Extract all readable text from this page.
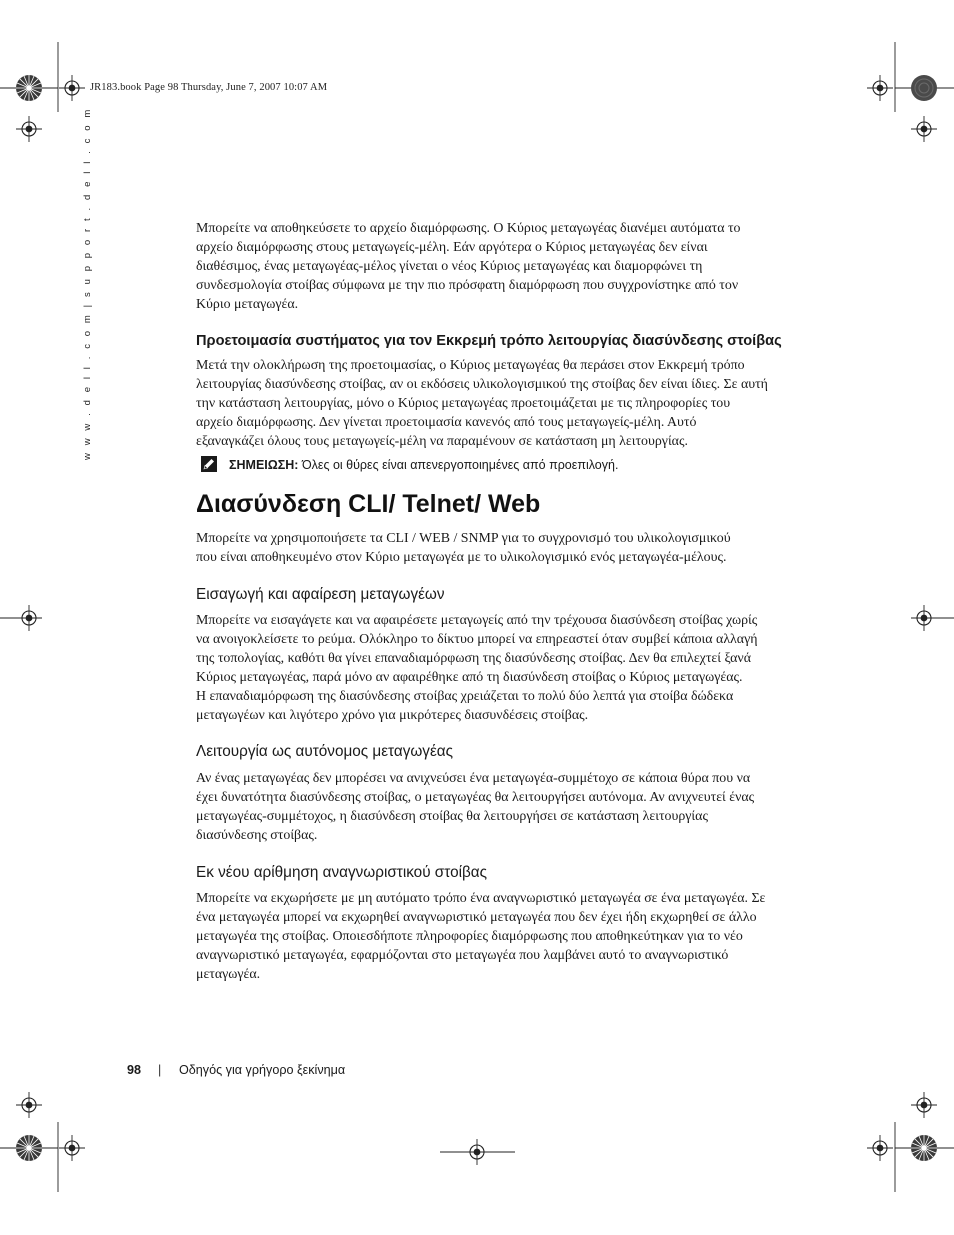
JR183.book Page 98 Thursday, June 7, 2007 10:07 AM
w w w . d e l l . c o m | s u p p o r t . d e l l . c o m	Μπορείτε να αποθηκεύσετε το αρχείο διαμόρφωσης. Ο Κύριος μεταγωγέας διανέμει αυτόματα το
αρχείο διαμόρφωσης στους μεταγωγείς-μέλη. Εάν αργότερα ο Κύριος μεταγωγέας δεν είναι
διαθέσιμος, ένας μεταγωγέας-μέλος γίνεται ο νέος Κύριος μεταγωγέας και διαμορφώνει τη
συνδεσμολογία στοίβας σύμφωνα με την πιο πρόσφατη διαμόρφωση που συγχρονίστηκε από τον
Κύριο μεταγωγέα.
Προετοιμασία συστήματος για τον Εκκρεμή τρόπο λειτουργίας διασύνδεσης στοίβας
Μετά την ολοκλήρωση της προετοιμασίας, ο Κύριος μεταγωγέας θα περάσει στον Εκκρεμή τρόπο
λειτουργίας διασύνδεσης στοίβας, αν οι εκδόσεις υλικολογισμικού της στοίβας δεν είναι ίδιες. Σε αυτή
την κατάσταση λειτουργίας, μόνο ο Κύριος μεταγωγέας προετοιμάζεται με τις πληροφορίες του
αρχείο διαμόρφωσης. Δεν γίνεται προετοιμασία κανενός από τους μεταγωγείς-μέλη. Αυτό
εξαναγκάζει όλους τους μεταγωγείς-μέλη να παραμένουν σε κατάσταση μη λειτουργίας.
ΣΗΜΕΙΩΣΗ: Όλες οι θύρες είναι απενεργοποιημένες από προεπιλογή.
Διασύνδεση CLI/ Telnet/ Web
Μπορείτε να χρησιμοποιήσετε τα CLI / WEB / SNMP για το συγχρονισμό του υλικολογισμικού
που είναι αποθηκευμένο στον Κύριο μεταγωγέα με το υλικολογισμικό ενός μεταγωγέα-μέλους.
Εισαγωγή και αφαίρεση μεταγωγέων
Μπορείτε να εισαγάγετε και να αφαιρέσετε μεταγωγείς από την τρέχουσα διασύνδεση στοίβας χωρίς
να ανοιγοκλείσετε το ρεύμα. Ολόκληρο το δίκτυο μπορεί να επηρεαστεί όταν συμβεί κάποια αλλαγή
της τοπολογίας, καθότι θα γίνει επαναδιαμόρφωση της διασύνδεσης στοίβας. Δεν θα επιλεχτεί ξανά
Κύριος μεταγωγέας, παρά μόνο αν αφαιρέθηκε από τη διασύνδεση στοίβας ο Κύριος μεταγωγέας.
Η επαναδιαμόρφωση της διασύνδεσης στοίβας χρειάζεται το πολύ δύο λεπτά για στοίβα δώδεκα
μεταγωγέων και λιγότερο χρόνο για μικρότερες διασυνδέσεις στοίβας.
Λειτουργία ως αυτόνομος μεταγωγέας
Αν ένας μεταγωγέας δεν μπορέσει να ανιχνεύσει ένα μεταγωγέα-συμμέτοχο σε κάποια θύρα που να
έχει δυνατότητα διασύνδεσης στοίβας, ο μεταγωγέας θα λειτουργήσει αυτόνομα. Αν ανιχνευτεί ένας
μεταγωγέας-συμμέτοχος, η διασύνδεση στοίβας θα λειτουργήσει σε κατάσταση λειτουργίας
διασύνδεσης στοίβας.
Εκ νέου αρίθμηση αναγνωριστικού στοίβας
Μπορείτε να εκχωρήσετε με μη αυτόματο τρόπο ένα αναγνωριστικό μεταγωγέα σε ένα μεταγωγέα. Σε
ένα μεταγωγέα μπορεί να εκχωρηθεί αναγνωριστικό μεταγωγέα που δεν έχει ήδη εκχωρηθεί σε άλλο
μεταγωγέα της στοίβας. Οποιεσδήποτε πληροφορίες διαμόρφωσης που αποθηκεύτηκαν για το νέο
αναγνωριστικό μεταγωγέα, εφαρμόζονται στο μεταγωγέα που λαμβάνει αυτό το αναγνωριστικό
μεταγωγέα.
98 | Οδηγός για γρήγορο ξεκίνημα
